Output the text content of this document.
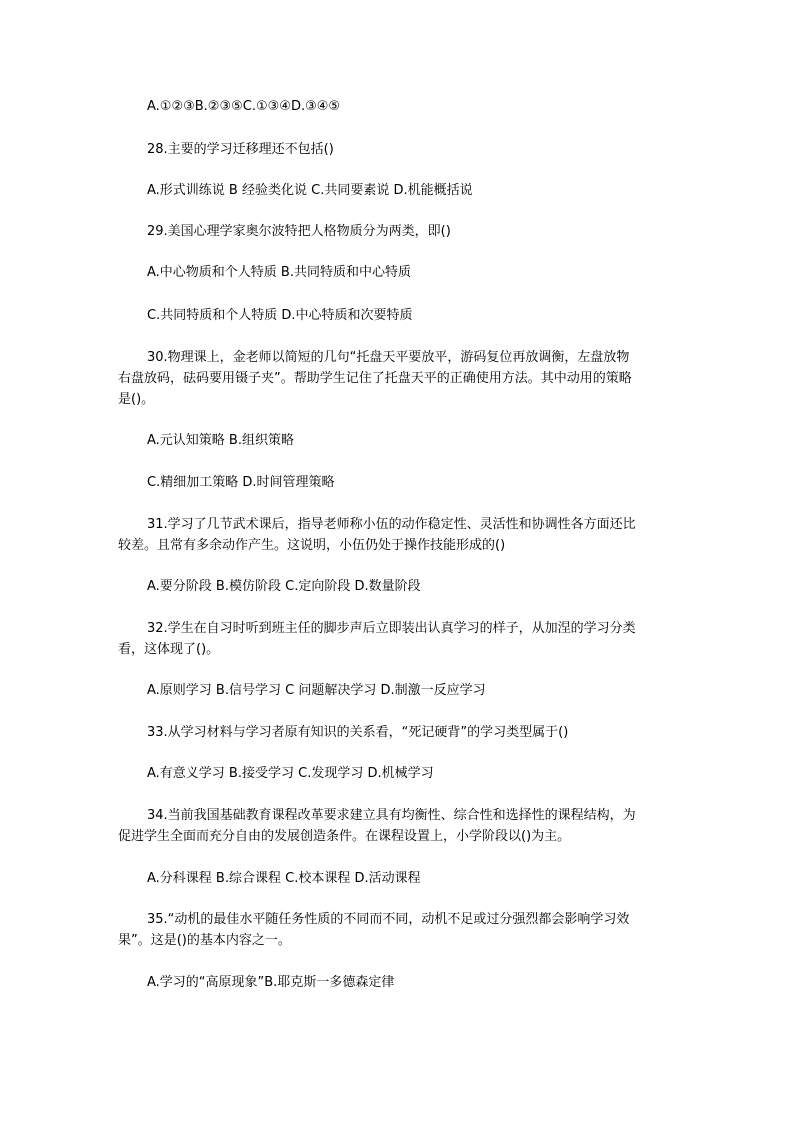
A.①②③B.②③⑤C.①③④D.③④⑤
28.主要的学习迁移理还不包括()
A.形式训练说 B 经验类化说 C.共同要素说 D.机能概括说
29.美国心理学家奥尔波特把人格物质分为两类，即()
A.中心物质和个人特质 B.共同特质和中心特质
C.共同特质和个人特质 D.中心特质和次要特质
30.物理课上，金老师以简短的几句“托盘天平要放平，游码复位再放调衡，左盘放物
右盘放码，砝码要用镊子夹”。帮助学生记住了托盘天平的正确使用方法。其中动用的策略
是()。
A.元认知策略 B.组织策略
C.精细加工策略 D.时间管理策略
31.学习了几节武术课后，指导老师称小伍的动作稳定性、灵活性和协调性各方面还比
较差。且常有多余动作产生。这说明，小伍仍处于操作技能形成的()
A.要分阶段 B.模仿阶段 C.定向阶段 D.数量阶段
32.学生在自习时听到班主任的脚步声后立即装出认真学习的样子，从加涅的学习分类
看，这体现了()。
A.原则学习 B.信号学习 C 问题解决学习 D.制激一反应学习
33.从学习材料与学习者原有知识的关系看，“死记硬背”的学习类型属于()
A.有意义学习 B.接受学习 C.发现学习 D.机械学习
34.当前我国基础教育课程改革要求建立具有均衡性、综合性和选择性的课程结构，为
促进学生全面而充分自由的发展创造条件。在课程设置上，小学阶段以()为主。
A.分科课程 B.综合课程 C.校本课程 D.活动课程
35.“动机的最佳水平随任务性质的不同而不同，动机不足或过分强烈都会影响学习效
果”。这是()的基本内容之一。
A.学习的“高原现象”B.耶克斯一多德森定律
